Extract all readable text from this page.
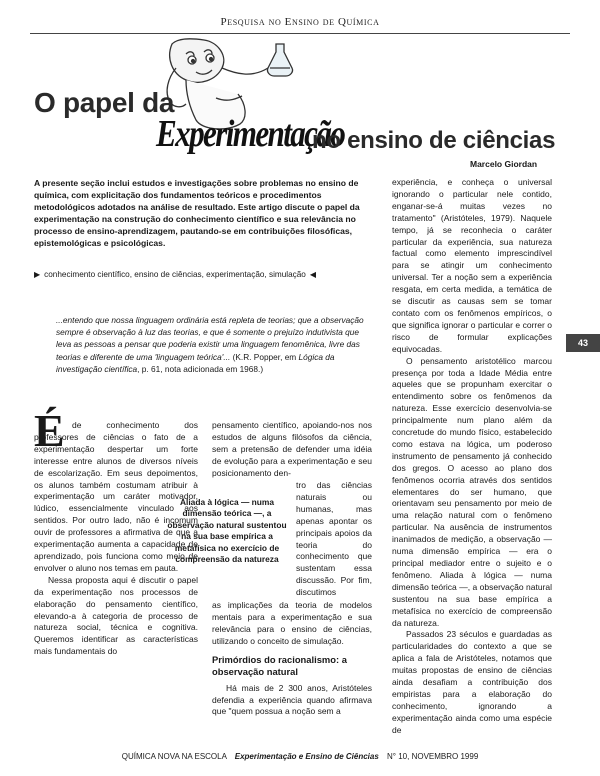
Pesquisa no Ensino de Química
O papel da
Experimentação
no ensino de ciências
Marcelo Giordan
A presente seção inclui estudos e investigações sobre problemas no ensino de química, com explicitação dos fundamentos teóricos e procedimentos metodológicos adotados na análise de resultado. Este artigo discute o papel da experimentação na construção do conhecimento científico e sua relevância no processo de ensino-aprendizagem, pautando-se em contribuições filosóficas, epistemológicas e psicológicas.
▶ conhecimento científico, ensino de ciências, experimentação, simulação ◀
...entendo que nossa linguagem ordinária está repleta de teorias; que a observação sempre é observação à luz das teorias, e que é somente o prejuízo indutivista que leva as pessoas a pensar que poderia existir uma linguagem fenomênica, livre das teorias e diferente de uma 'linguagem teórica'... (K.R. Popper, em Lógica da investigação científica, p. 61, nota adicionada em 1968.)
É de conhecimento dos professores de ciências o fato de a experimentação despertar um forte interesse entre alunos de diversos níveis de escolarização. Em seus depoimentos, os alunos também costumam atribuir à experimentação um caráter motivador, lúdico, essencialmente vinculado aos sentidos. Por outro lado, não é incomum ouvir de professores a afirmativa de que a experimentação aumenta a capacidade de aprendizado, pois funciona como meio de envolver o aluno nos temas em pauta.

Nessa proposta aqui é discutir o papel da experimentação nos processos de elaboração do pensamento científico, elevando-a à categoria de processo de natureza social, técnica e cognitiva. Queremos identificar as características mais fundamentais do

pensamento científico, apoiando-nos nos estudos de alguns filósofos da ciência, sem a pretensão de defender uma idéia de evolução para a experimentação e seu posicionamento den-

tro das ciências naturais ou humanas, mas apenas apontar os principais apoios da teoria do conhecimento que sustentam essa discussão. Por fim, discutimos

Aliada à lógica — numa dimensão teórica —, a observação natural sustentou na sua base empírica a metafísica no exercício de compreensão da natureza

as implicações da teoria de modelos mentais para a experimentação e sua relevância para o ensino de ciências, utilizando o conceito de simulação.

Primórdios do racionalismo: a observação natural

Há mais de 2 300 anos, Aristóteles defendia a experiência quando afirmava que "quem possua a noção sem a

experiência, e conheça o universal ignorando o particular nele contido, enganar-se-á muitas vezes no tratamento" (Aristóteles, 1979). Naquele tempo, já se reconhecia o caráter particular da experiência, sua natureza factual como elemento imprescindível para se atingir um conhecimento universal. Ter a noção sem a experiência resgata, em certa medida, a temática de se discutir as causas sem se tomar contato com os fenômenos empíricos, o que significa ignorar o particular e correr o risco de formular explicações equivocadas.

O pensamento aristotélico marcou presença por toda a Idade Média entre aqueles que se propunham exercitar o entendimento sobre os fenômenos da natureza. Esse exercício desenvolvia-se principalmente num plano além da concretude do mundo físico, estabelecido como estava na lógica, um poderoso instrumento de pensamento já conhecido dos gregos. O acesso ao plano dos fenômenos ocorria através dos sentidos elementares do ser humano, que orientavam seu pensamento por meio de uma relação natural com o fenômeno particular. Na ausência de instrumentos inanimados de medição, a observação — numa dimensão empírica — era o principal mediador entre o sujeito e o fenômeno. Aliada à lógica — numa dimensão teórica —, a observação natural sustentou na sua base empírica a metafísica no exercício de compreensão da natureza.

Passados 23 séculos e guardadas as particularidades do contexto a que se aplica a fala de Aristóteles, notamos que muitas propostas de ensino de ciências ainda desafiam a contribuição dos empiristas para a elaboração do conhecimento, ignorando a experimentação ainda como uma espécie de

43
QUÍMICA NOVA NA ESCOLA Experimentação e Ensino de Ciências N° 10, NOVEMBRO 1999
